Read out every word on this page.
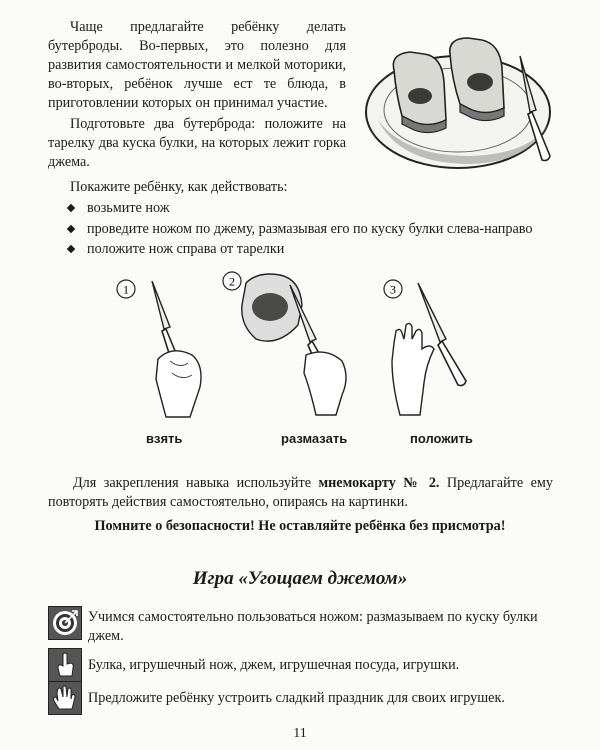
Чаще предлагайте ребёнку делать бутерброды. Во-первых, это полезно для развития самостоятельности и мелкой моторики, во-вторых, ребёнок лучше ест те блюда, в приготовлении которых он принимал участие.

Подготовьте два бутерброда: положите на тарелку два куска булки, на которых лежит горка джема.

Покажите ребёнку, как действовать:

возьмите нож
проведите ножом по джему, размазывая его по куску булки слева-направо
положите нож справа от тарелки
1
2
3
взять	размазать	положить

Для закрепления навыка используйте мнемокарту № 2. Предлагайте ему повторять действия самостоятельно, опираясь на картинки.

Помните о безопасности! Не оставляйте ребёнка без присмотра!
Игра «Угощаем джемом»

Учимся самостоятельно пользоваться ножом: размазываем по куску булки джем.

Булка, игрушечный нож, джем, игрушечная посуда, игрушки.

Предложите ребёнку устроить сладкий праздник для своих игрушек.

11
